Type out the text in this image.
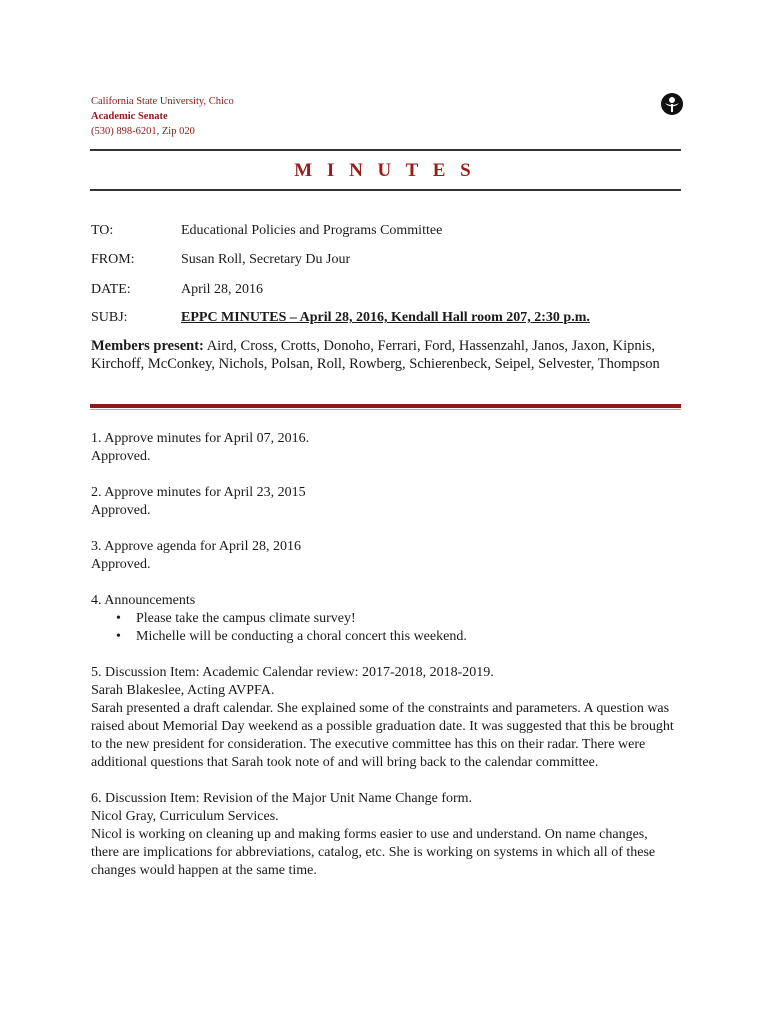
California State University, Chico
Academic Senate
(530) 898-6201, Zip 020
M I N U T E S
TO:	Educational Policies and Programs Committee
FROM:	Susan Roll, Secretary Du Jour
DATE:	April 28, 2016
SUBJ:	EPPC MINUTES – April 28, 2016, Kendall Hall room 207, 2:30 p.m.
Members present: Aird, Cross, Crotts, Donoho, Ferrari, Ford, Hassenzahl, Janos, Jaxon, Kipnis, Kirchoff, McConkey, Nichols, Polsan, Roll, Rowberg, Schierenbeck, Seipel, Selvester, Thompson

1. Approve minutes for April 07, 2016.

Approved.

2. Approve minutes for April 23, 2015

Approved.

3. Approve agenda for April 28, 2016

Approved.

4. Announcements

• Please take the campus climate survey!
• Michelle will be conducting a choral concert this weekend.

5. Discussion Item: Academic Calendar review: 2017-2018, 2018-2019.

Sarah Blakeslee, Acting AVPFA.

Sarah presented a draft calendar. She explained some of the constraints and parameters. A question was raised about Memorial Day weekend as a possible graduation date. It was suggested that this be brought to the new president for consideration. The executive committee has this on their radar. There were additional questions that Sarah took note of and will bring back to the calendar committee.

6. Discussion Item: Revision of the Major Unit Name Change form.

Nicol Gray, Curriculum Services.

Nicol is working on cleaning up and making forms easier to use and understand. On name changes, there are implications for abbreviations, catalog, etc. She is working on systems in which all of these changes would happen at the same time.
